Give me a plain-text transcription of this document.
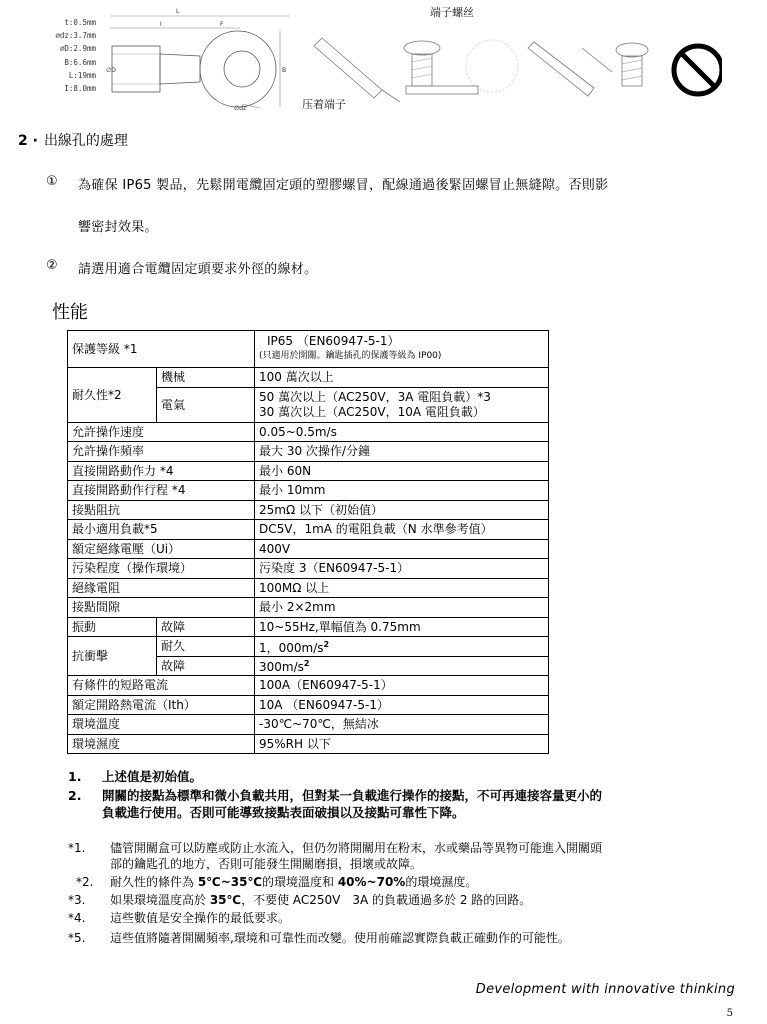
t:0.5mm
∅dz:3.7mm
∅D:2.9mm
B:6.6mm
L:19mm
I:8.0mm
L
I	F
∅D	B
∅dz
端子螺丝
压着端子
2 · 出線孔的處理
① 為確保 IP65 製品，先鬆開電纜固定頭的塑膠螺冒，配線通過後緊固螺冒止無縫隙。否則影
響密封效果。
② 請選用適合電纜固定頭要求外徑的線材。
性能
保護等級 *1		IP65 （EN60947-5-1）
(只適用於開關。鑰匙插孔的保護等級為 IP00)

耐久性*2	機械	100 萬次以上
	電氣	50 萬次以上（AC250V，3A 電阻負載）*3
30 萬次以上（AC250V，10A 電阻負載）

允許操作速度		0.05~0.5m/s
允許操作頻率		最大 30 次操作/分鐘
直接開路動作力 *4		最小 60N
直接開路動作行程 *4		最小 10mm
接點阻抗		25mΩ 以下（初始值）
最小適用負載*5		DC5V，1mA 的電阻負載（N 水準參考值）
額定絕緣電壓（Ui）		400V
污染程度（操作環境）		污染度 3（EN60947-5-1）
絕緣電阻		100MΩ 以上
接點間隙		最小 2×2mm
振動	故障	10~55Hz,單幅值為 0.75mm
抗衝擊	耐久	1，$000m/s^2$
	故障	$300m/s^2$
有條件的短路電流		100A（EN60947-5-1）
額定開路熱電流（Ith）		10A （EN60947-5-1）
環境溫度		-30℃~70℃，無結冰
環境濕度		95%RH 以下
1. 上述值是初始值。
2. 開關的接點為標準和微小負載共用，但對某一負載進行操作的接點，不可再連接容量更小的
負載進行使用。否則可能導致接點表面破損以及接點可靠性下降。
*1. 儘管開關盒可以防塵或防止水流入，但仍勿將開關用在粉末，水或藥品等異物可能進入開關頭
部的鑰匙孔的地方，否則可能發生開關磨損，損壞或故障。
*2. 耐久性的條件為 5℃~35℃的環境溫度和 40%~70%的環境濕度。
*3. 如果環境溫度高於 35℃，不要使 AC250V　3A 的負載通過多於 2 路的回路。
*4. 這些數值是安全操作的最低要求。
*5. 這些值將隨著開關頻率,環境和可靠性而改變。使用前確認實際負載正確動作的可能性。
Development with innovative thinking
5
